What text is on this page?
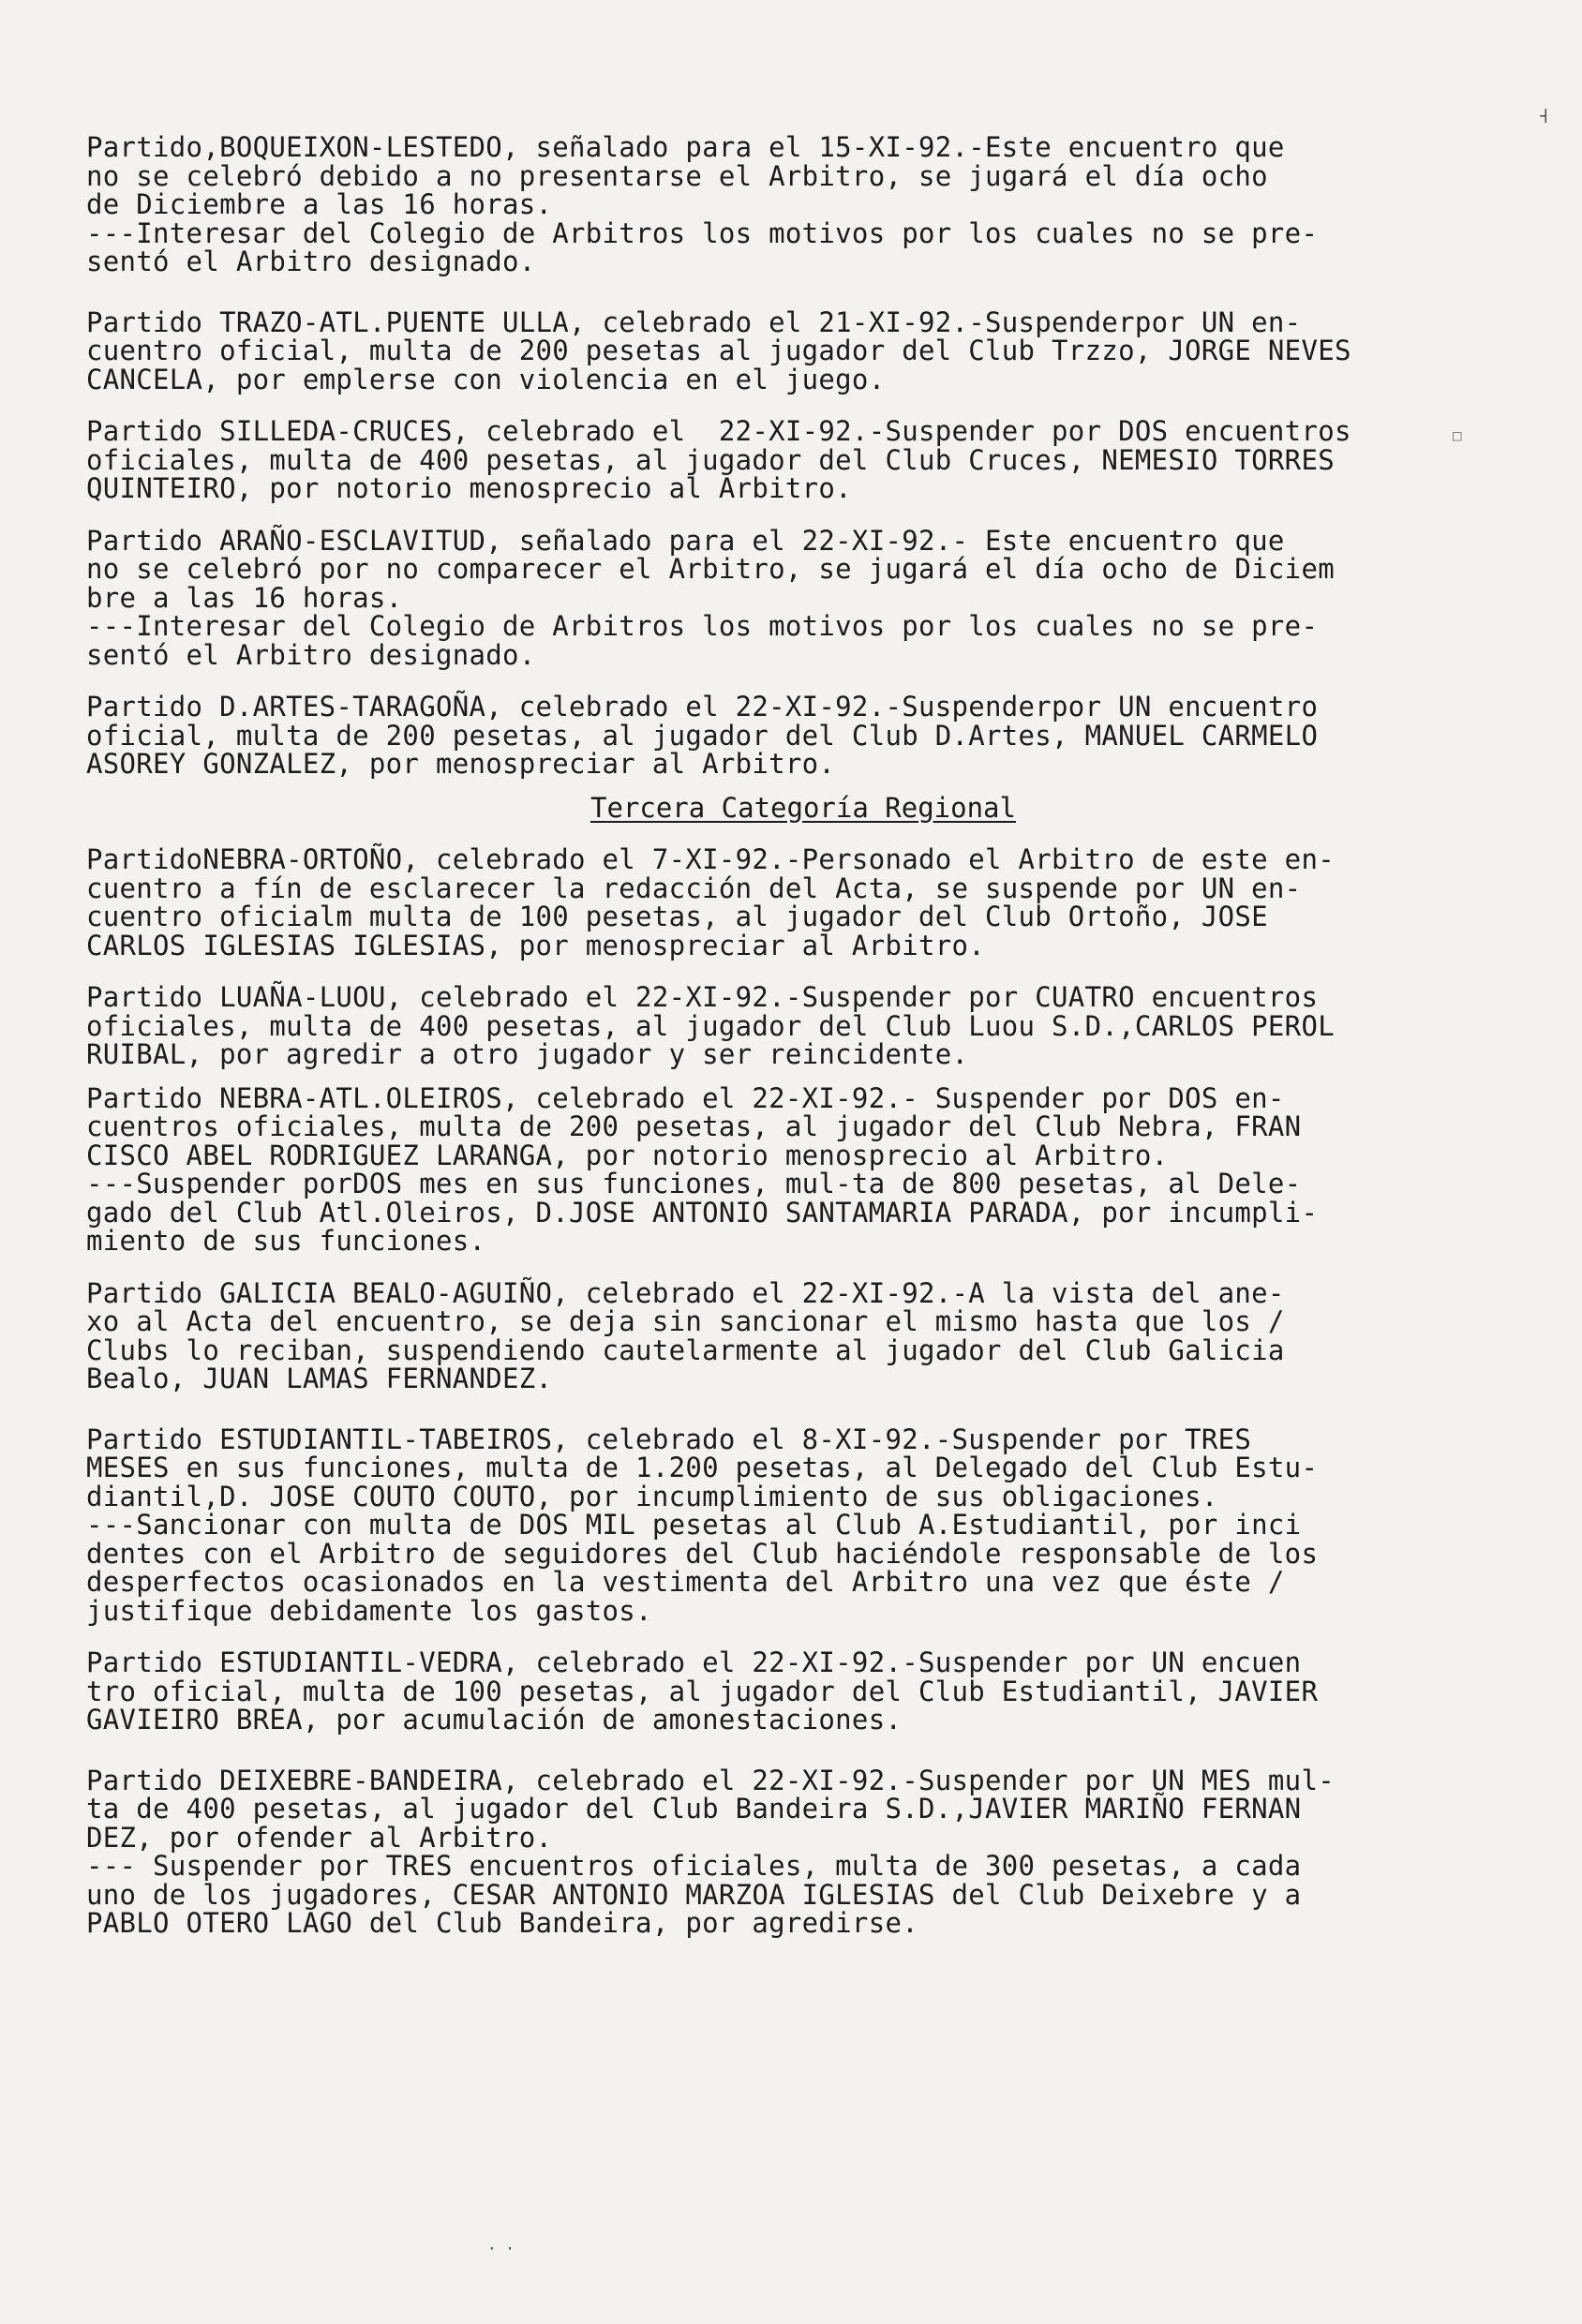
Partido,BOQUEIXON-LESTEDO, señalado para el 15-XI-92.-Este encuentro que
no se celebró debido a no presentarse el Arbitro, se jugará el día ocho
de Diciembre a las 16 horas.
---Interesar del Colegio de Arbitros los motivos por los cuales no se pre-
sentó el Arbitro designado.

Partido TRAZO-ATL.PUENTE ULLA, celebrado el 21-XI-92.-Suspenderpor UN en-
cuentro oficial, multa de 200 pesetas al jugador del Club Trzzo, JORGE NEVES
CANCELA, por emplerse con violencia en el juego.

Partido SILLEDA-CRUCES, celebrado el  22-XI-92.-Suspender por DOS encuentros
oficiales, multa de 400 pesetas, al jugador del Club Cruces, NEMESIO TORRES
QUINTEIRO, por notorio menosprecio al Arbitro.

Partido ARAÑO-ESCLAVITUD, señalado para el 22-XI-92.- Este encuentro que
no se celebró por no comparecer el Arbitro, se jugará el día ocho de Diciem
bre a las 16 horas.
---Interesar del Colegio de Arbitros los motivos por los cuales no se pre-
sentó el Arbitro designado.

Partido D.ARTES-TARAGOÑA, celebrado el 22-XI-92.-Suspenderpor UN encuentro
oficial, multa de 200 pesetas, al jugador del Club D.Artes, MANUEL CARMELO
ASOREY GONZALEZ, por menospreciar al Arbitro.

Tercera Categoría Regional

PartidoNEBRA-ORTOÑO, celebrado el 7-XI-92.-Personado el Arbitro de este en-
cuentro a fín de esclarecer la redacción del Acta, se suspende por UN en-
cuentro oficialm multa de 100 pesetas, al jugador del Club Ortoño, JOSE
CARLOS IGLESIAS IGLESIAS, por menospreciar al Arbitro.

Partido LUAÑA-LUOU, celebrado el 22-XI-92.-Suspender por CUATRO encuentros
oficiales, multa de 400 pesetas, al jugador del Club Luou S.D.,CARLOS PEROL
RUIBAL, por agredir a otro jugador y ser reincidente.

Partido NEBRA-ATL.OLEIROS, celebrado el 22-XI-92.- Suspender por DOS en-
cuentros oficiales, multa de 200 pesetas, al jugador del Club Nebra, FRAN
CISCO ABEL RODRIGUEZ LARANGA, por notorio menosprecio al Arbitro.
---Suspender porDOS mes en sus funciones, mul-ta de 800 pesetas, al Dele-
gado del Club Atl.Oleiros, D.JOSE ANTONIO SANTAMARIA PARADA, por incumpli-
miento de sus funciones.

Partido GALICIA BEALO-AGUIÑO, celebrado el 22-XI-92.-A la vista del ane-
xo al Acta del encuentro, se deja sin sancionar el mismo hasta que los /
Clubs lo reciban, suspendiendo cautelarmente al jugador del Club Galicia
Bealo, JUAN LAMAS FERNANDEZ.

Partido ESTUDIANTIL-TABEIROS, celebrado el 8-XI-92.-Suspender por TRES
MESES en sus funciones, multa de 1.200 pesetas, al Delegado del Club Estu-
diantil,D. JOSE COUTO COUTO, por incumplimiento de sus obligaciones.
---Sancionar con multa de DOS MIL pesetas al Club A.Estudiantil, por inci
dentes con el Arbitro de seguidores del Club haciéndole responsable de los
desperfectos ocasionados en la vestimenta del Arbitro una vez que éste /
justifique debidamente los gastos.

Partido ESTUDIANTIL-VEDRA, celebrado el 22-XI-92.-Suspender por UN encuen
tro oficial, multa de 100 pesetas, al jugador del Club Estudiantil, JAVIER
GAVIEIRO BREA, por acumulación de amonestaciones.

Partido DEIXEBRE-BANDEIRA, celebrado el 22-XI-92.-Suspender por UN MES mul-
ta de 400 pesetas, al jugador del Club Bandeira S.D.,JAVIER MARIÑO FERNAN
DEZ, por ofender al Arbitro.
--- Suspender por TRES encuentros oficiales, multa de 300 pesetas, a cada
uno de los jugadores, CESAR ANTONIO MARZOA IGLESIAS del Club Deixebre y a
PABLO OTERO LAGO del Club Bandeira, por agredirse.

˧
□
· ·
